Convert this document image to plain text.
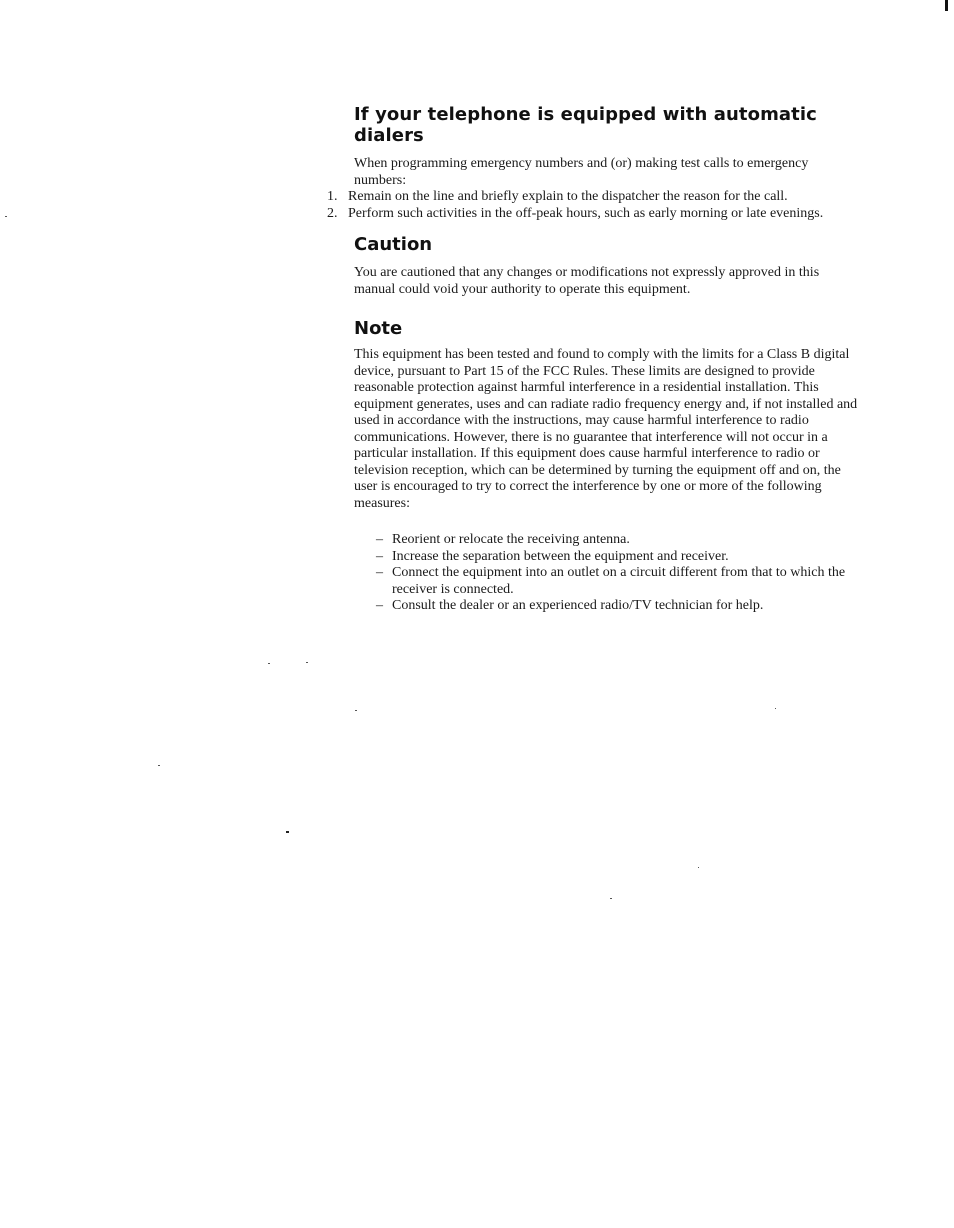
If your telephone is equipped with automatic dialers

When programming emergency numbers and (or) making test calls to emergency numbers:

1. Remain on the line and briefly explain to the dispatcher the reason for the call.
2. Perform such activities in the off-peak hours, such as early morning or late evenings.
Caution

You are cautioned that any changes or modifications not expressly approved in this manual could void your authority to operate this equipment.

Note

This equipment has been tested and found to comply with the limits for a Class B digital device, pursuant to Part 15 of the FCC Rules. These limits are designed to provide reasonable protection against harmful interference in a residential installation. This equipment generates, uses and can radiate radio frequency energy and, if not installed and used in accordance with the instructions, may cause harmful interference to radio communications. However, there is no guarantee that interference will not occur in a particular installation. If this equipment does cause harmful interference to radio or television reception, which can be determined by turning the equipment off and on, the user is encouraged to try to correct the interference by one or more of the following measures:

– Reorient or relocate the receiving antenna.
– Increase the separation between the equipment and receiver.
– Connect the equipment into an outlet on a circuit different from that to which the receiver is connected.
– Consult the dealer or an experienced radio/TV technician for help.
